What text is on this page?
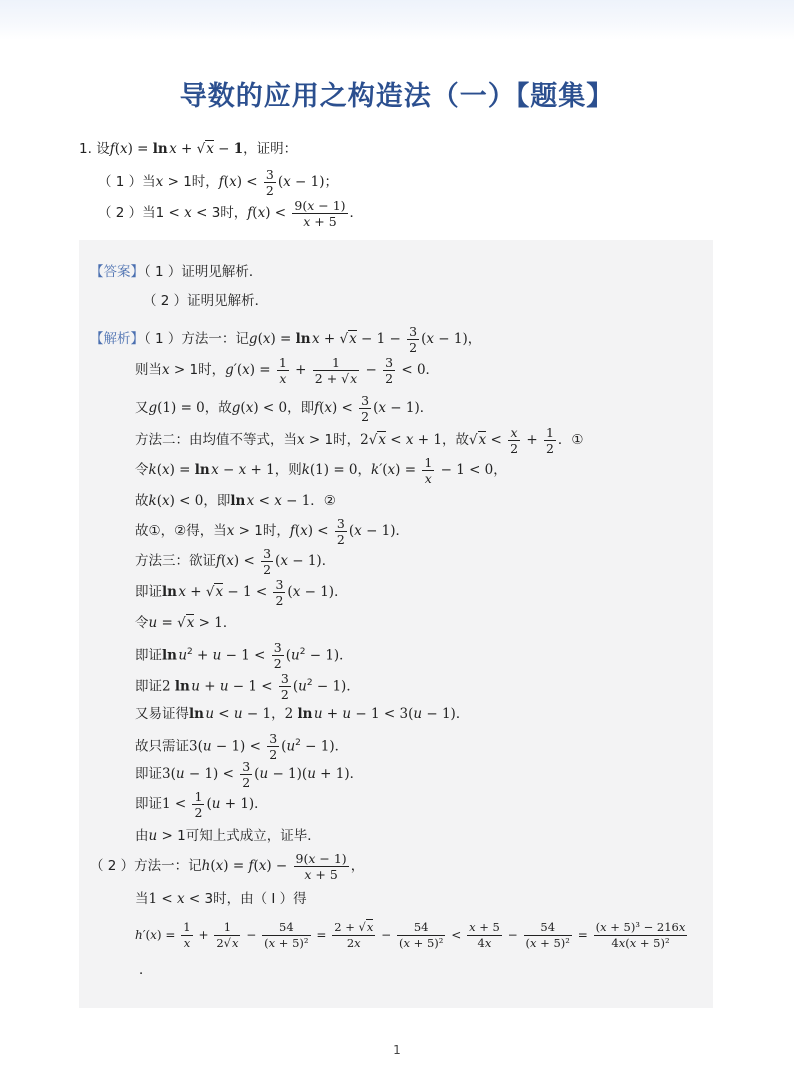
导数的应用之构造法（一）【题集】
1. 设f(x) = ln x + √x − 1，证明：
（ 1 ）当x > 1时，$f(x) < \frac{3}{2} (x - 1)$；
（ 2 ）当1 < x < 3时，$f(x) < \frac{9(x - 1)}{x + 5}$ ．
【答案】（ 1 ）证明见解析．
（ 2 ）证明见解析．
【解析】（ 1 ）方法一：记g(x) = ln $x + √x - 1 - \frac{3}{2} (x - 1)$，
则当x > 1时，$g'(x) = \frac{1}{x} + \frac{1}{2 + √x} - \frac{3}{2} < 0$．
又g(1) = 0，故g(x) < 0，即$f(x) < \frac{3}{2} (x - 1)$．
方法二：由均值不等式，当x > 1时，2√x < x + 1，故$√x < \frac{x}{2} + \frac{1}{2}$ ．①
令k(x) = ln x − x + 1，则k(1) = 0，$k'(x) = \frac{1}{x} - 1 < 0$，
故k(x) < 0，即ln x < x − 1．②
故①，②得，当x > 1时，$f(x) < \frac{3}{2} (x - 1)$．
方法三：欲证$f(x) < \frac{3}{2} (x - 1)$．
即证ln $x + √x - 1 < \frac{3}{2} (x - 1)$．
令u = √x > 1．
即证ln $u^2 + u - 1 < \frac{3}{2} (u^2 - 1)$．
即证2 ln $u + u - 1 < \frac{3}{2} (u^2 - 1)$．
又易证得ln u < u − 1，2 ln u + u − 1 < 3(u − 1)．
故只需证$3(u - 1) < \frac{3}{2} (u^2 - 1)$．
即证$3(u - 1) < \frac{3}{2} (u - 1)(u + 1)$．
即证$1 < \frac{1}{2} (u + 1)$．
由u > 1可知上式成立，证毕．
（ 2 ）方法一：记$h(x) = f(x) - \frac{9(x - 1)}{x + 5}$ ，
当1 < x < 3时，由（ Ⅰ ）得
$h'(x) = \frac{1}{x} + \frac{1}{2√x} - \frac{54}{\text{(x + 5)²}} = \frac{2 + √x}{2x} - \frac{54}{\text{(x + 5)²}} < \frac{x + 5}{4x} - \frac{54}{\text{(x + 5)²}} = \frac{\text{(x + 5)³ − 216x}}{\text{4x(x + 5)²}}$
．
1
